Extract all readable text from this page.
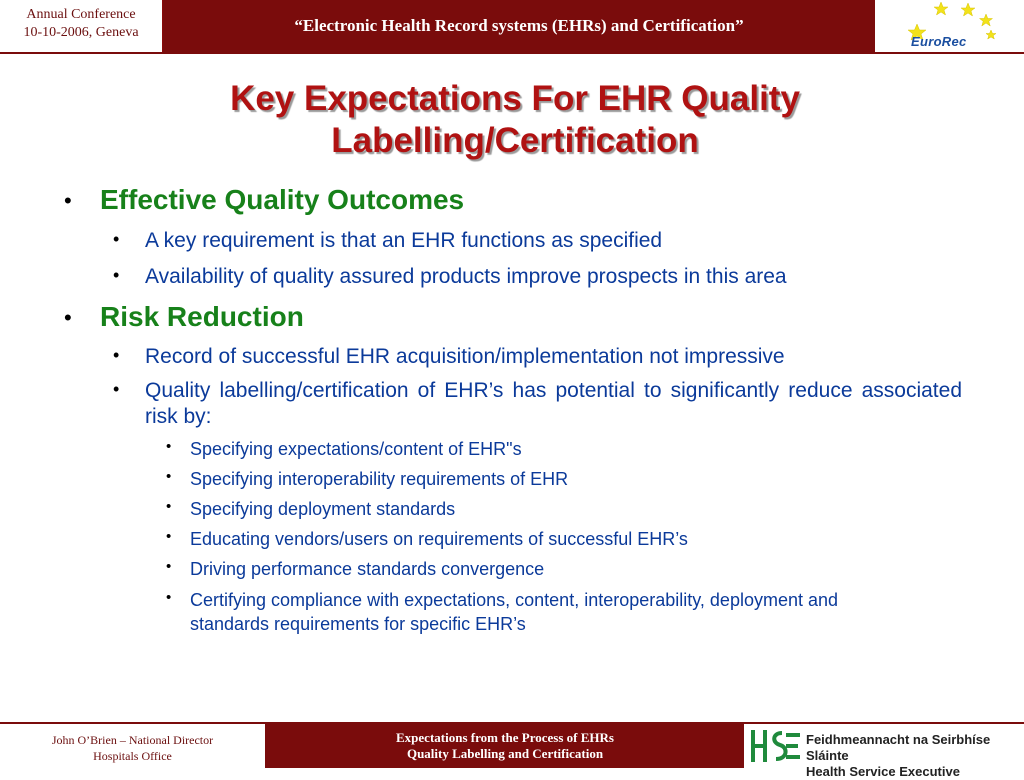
Annual Conference
10-10-2006, Geneva	“Electronic Health Record systems (EHRs) and Certification”
EuroRec
Key Expectations For EHR Quality
Labelling/Certification
• Effective Quality Outcomes
• A key requirement is that an EHR functions as specified
• Availability of quality assured products improve prospects in this area
• Risk Reduction
• Record of successful EHR acquisition/implementation not impressive
• Quality labelling/certification of EHR’s has potential to significantly reduce associated risk by:
• Specifying expectations/content of EHR"s
• Specifying interoperability requirements of EHR
• Specifying deployment standards
• Educating vendors/users on requirements of successful EHR’s
• Driving performance standards convergence
• Certifying compliance with expectations, content, interoperability, deployment and standards requirements for specific EHR’s
John O’Brien – National Director
Hospitals Office
Expectations from the Process of EHRs
Quality Labelling and Certification
Feidhmeannacht na Seirbhíse Sláinte
Health Service Executive
